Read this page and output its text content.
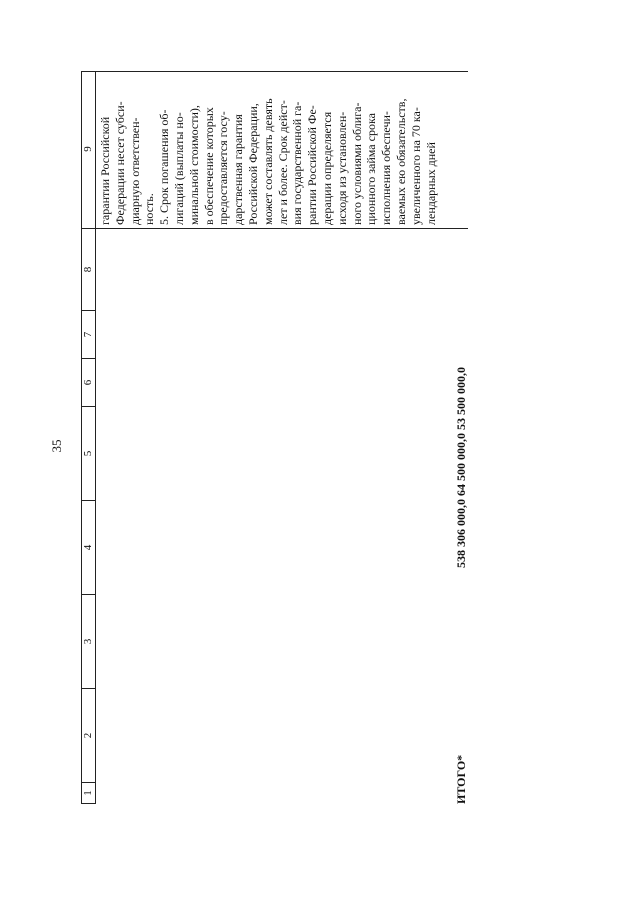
35
1
2
3
4
5
6
7
8
9 гарантии Российской Федерации несет субси- диарную ответствен- ность. 5. Срок погашения об- лигаций (выплаты но- минальной стоимости), в обеспечение которых предоставляется госу- дарственная гарантия Российской Федерации, может составлять девять лет и более. Срок дейст- вия государственной га- рантии Российской Фе- дерации определяется исходя из установлен- ного условиями облига- ционного займа срока исполнения обеспечи- ваемых ею обязательств, увеличенного на 70 ка- лендарных дней
ИТОГО*
538 306 000,0 64 500 000,0 53 500 000,0
